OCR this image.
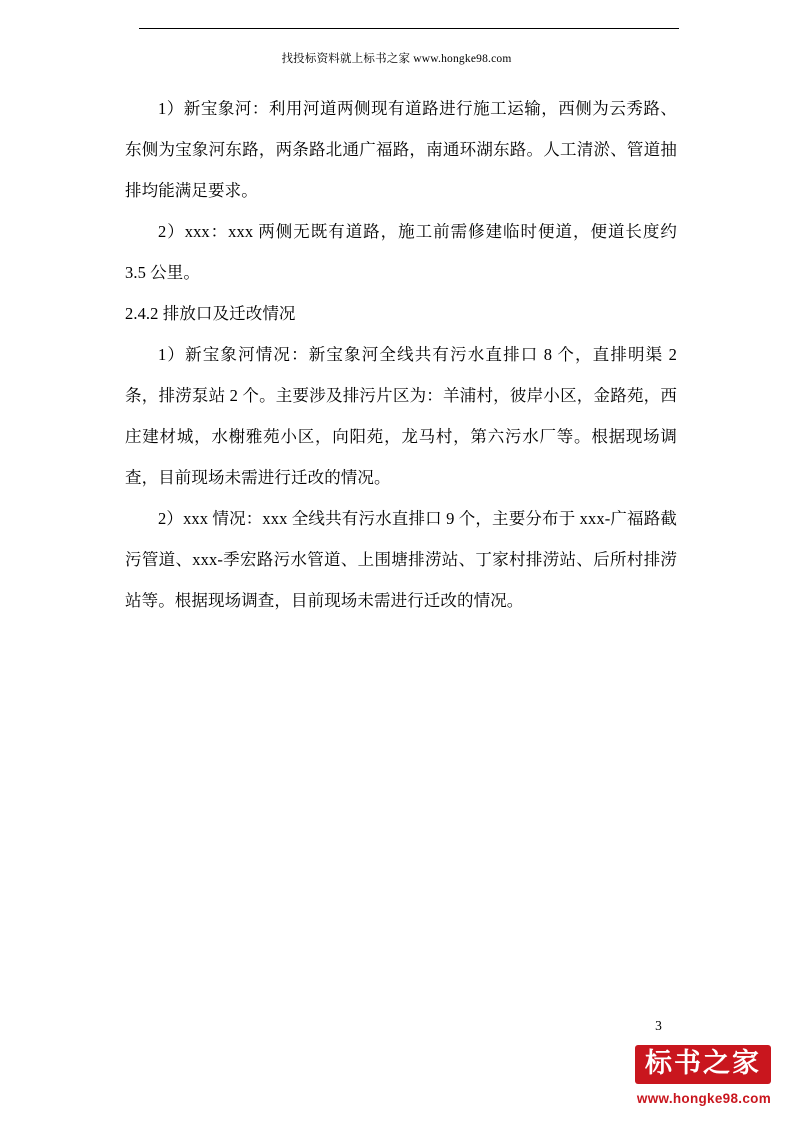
找投标资料就上标书之家 www.hongke98.com

1）新宝象河：利用河道两侧现有道路进行施工运输，西侧为云秀路、东侧为宝象河东路，两条路北通广福路，南通环湖东路。人工清淤、管道抽排均能满足要求。

2）xxx：xxx 两侧无既有道路，施工前需修建临时便道，便道长度约 3.5 公里。

2.4.2 排放口及迁改情况

1）新宝象河情况：新宝象河全线共有污水直排口 8 个，直排明渠 2 条，排涝泵站 2 个。主要涉及排污片区为：羊浦村，彼岸小区，金路苑，西庄建材城，水榭雅苑小区，向阳苑，龙马村，第六污水厂等。根据现场调查，目前现场未需进行迁改的情况。

2）xxx 情况：xxx 全线共有污水直排口 9 个，主要分布于 xxx-广福路截污管道、xxx-季宏路污水管道、上围塘排涝站、丁家村排涝站、后所村排涝站等。根据现场调查，目前现场未需进行迁改的情况。

3
标书之家
www.hongke98.com
